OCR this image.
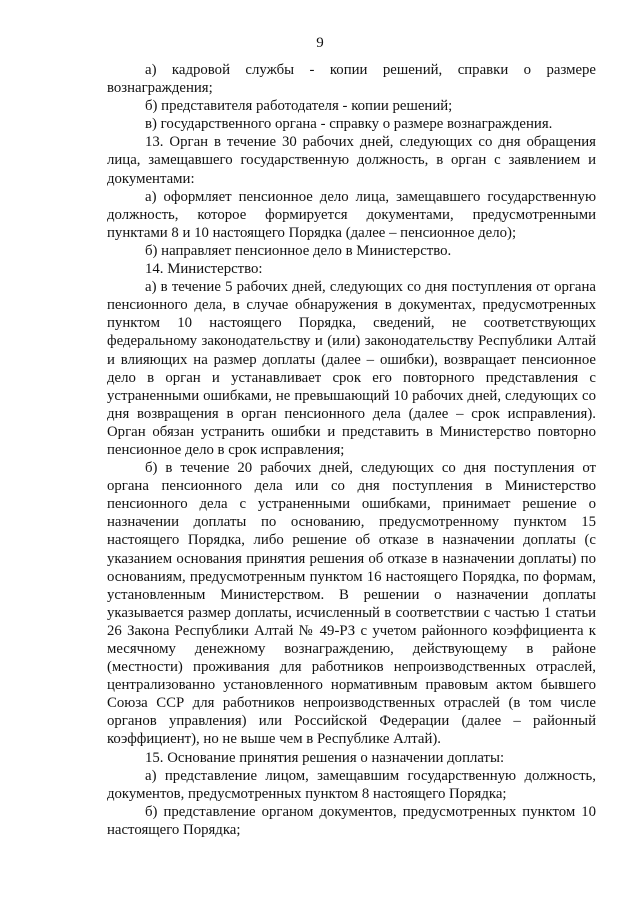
9

а) кадровой службы - копии решений, справки о размере вознаграждения;

б) представителя работодателя - копии решений;

в) государственного органа - справку о размере вознаграждения.

13. Орган в течение 30 рабочих дней, следующих со дня обращения лица, замещавшего государственную должность, в орган с заявлением и документами:

а) оформляет пенсионное дело лица, замещавшего государственную должность, которое формируется документами, предусмотренными пунктами 8 и 10 настоящего Порядка (далее – пенсионное дело);

б) направляет пенсионное дело в Министерство.

14. Министерство:

а) в течение 5 рабочих дней, следующих со дня поступления от органа пенсионного дела, в случае обнаружения в документах, предусмотренных пунктом 10 настоящего Порядка, сведений, не соответствующих федеральному законодательству и (или) законодательству Республики Алтай и влияющих на размер доплаты (далее – ошибки), возвращает пенсионное дело в орган и устанавливает срок его повторного представления с устраненными ошибками, не превышающий 10 рабочих дней, следующих со дня возвращения в орган пенсионного дела (далее – срок исправления). Орган обязан устранить ошибки и представить в Министерство повторно пенсионное дело в срок исправления;

б) в течение 20 рабочих дней, следующих со дня поступления от органа пенсионного дела или со дня поступления в Министерство пенсионного дела с устраненными ошибками, принимает решение о назначении доплаты по основанию, предусмотренному пунктом 15 настоящего Порядка, либо решение об отказе в назначении доплаты (с указанием основания принятия решения об отказе в назначении доплаты) по основаниям, предусмотренным пунктом 16 настоящего Порядка, по формам, установленным Министерством. В решении о назначении доплаты указывается размер доплаты, исчисленный в соответствии с частью 1 статьи 26 Закона Республики Алтай № 49-РЗ с учетом районного коэффициента к месячному денежному вознаграждению, действующему в районе (местности) проживания для работников непроизводственных отраслей, централизованно установленного нормативным правовым актом бывшего Союза ССР для работников непроизводственных отраслей (в том числе органов управления) или Российской Федерации (далее – районный коэффициент), но не выше чем в Республике Алтай).

15. Основание принятия решения о назначении доплаты:

а) представление лицом, замещавшим государственную должность, документов, предусмотренных пунктом 8 настоящего Порядка;

б) представление органом документов, предусмотренных пунктом 10 настоящего Порядка;
